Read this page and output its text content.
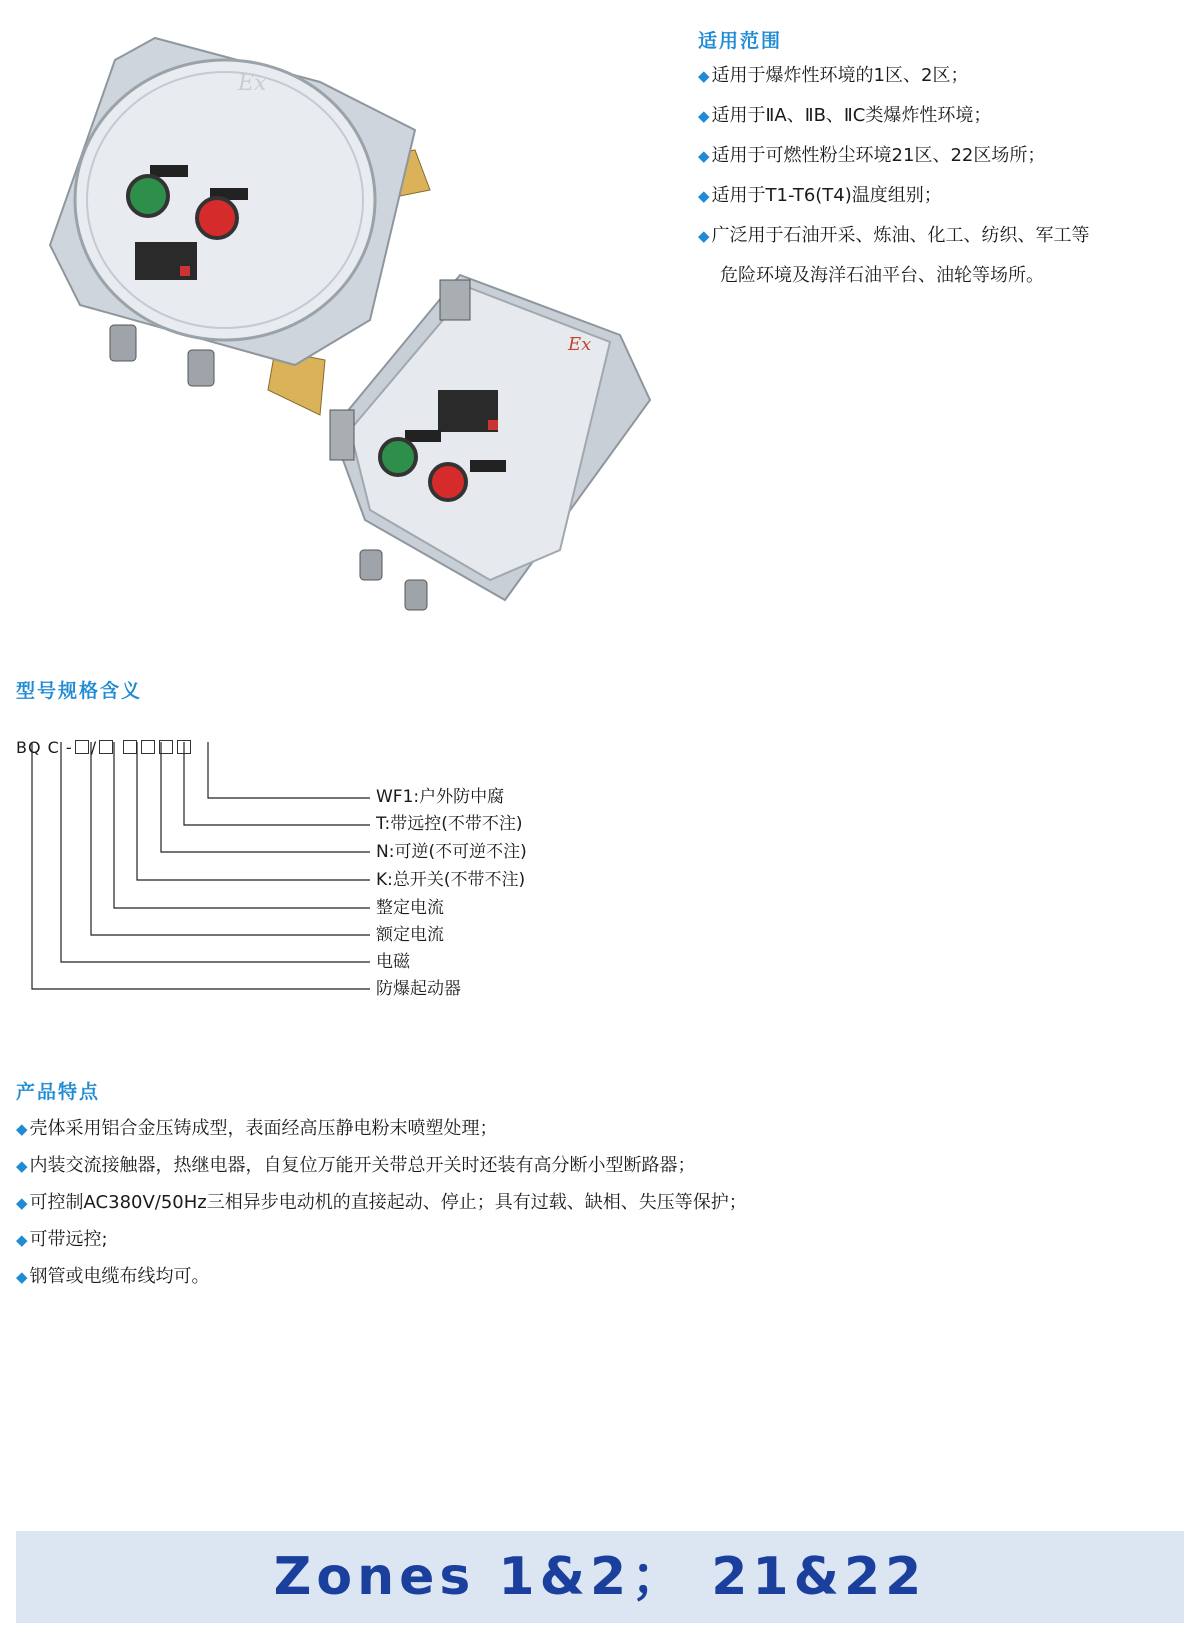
Ex
Ex
适用范围
◆ 适用于爆炸性环境的1区、2区；
◆ 适用于ⅡA、ⅡB、ⅡC类爆炸性环境；
◆ 适用于可燃性粉尘环境21区、22区场所；
◆ 适用于T1-T6(T4)温度组别；
◆ 广泛用于石油开采、炼油、化工、纺织、军工等
危险环境及海洋石油平台、油轮等场所。
型号规格含义
BQ C - /
WF1:户外防中腐
T:带远控(不带不注)
N:可逆(不可逆不注)
K:总开关(不带不注)
整定电流
额定电流
电磁
防爆起动器
产品特点
◆ 壳体采用铝合金压铸成型，表面经高压静电粉末喷塑处理；
◆ 内装交流接触器，热继电器，自复位万能开关带总开关时还装有高分断小型断路器；
◆ 可控制AC380V/50Hz三相异步电动机的直接起动、停止；具有过载、缺相、失压等保护；
◆ 可带远控;
◆ 钢管或电缆布线均可。
Zones 1&2； 21&22
